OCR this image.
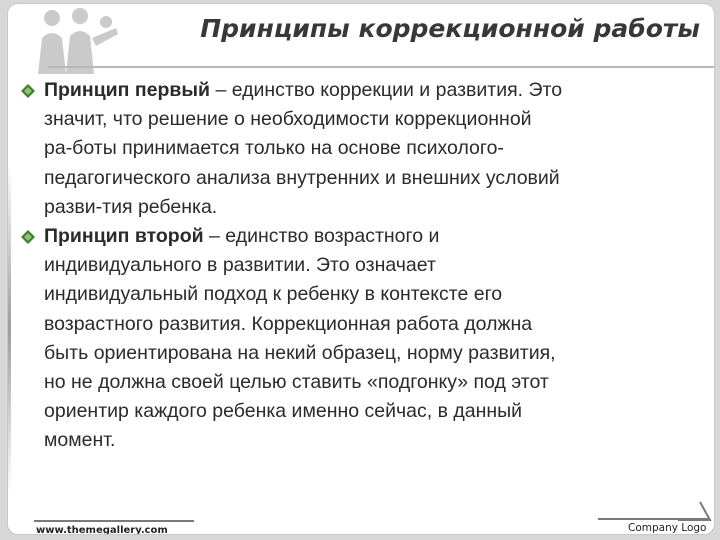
Принципы коррекционной работы

Принцип первый – единство коррекции и развития. Это
значит, что решение о необходимости коррекционной
ра-боты принимается только на основе психолого-
педагогического анализа внутренних и внешних условий
разви-тия ребенка.

Принцип второй – единство возрастного и
индивидуального в развитии. Это означает
индивидуальный подход к ребенку в контексте его
возрастного развития. Коррекционная работа должна
быть ориентирована на некий образец, норму развития,
но не должна своей целью ставить «подгонку» под этот
ориентир каждого ребенка именно сейчас, в данный
момент.

www.themegallery.com	Company Logo
